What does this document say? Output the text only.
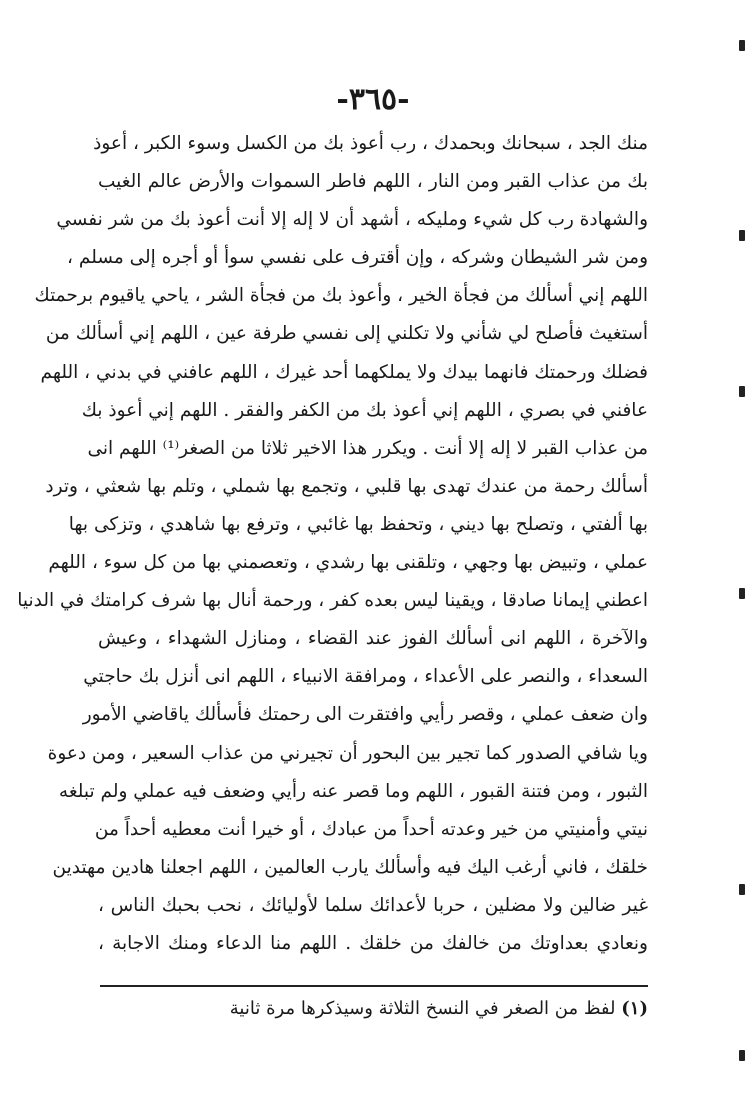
-٣٦٥-
منك الجد ، سبحانك وبحمدك ، رب أعوذ بك من الكسل وسوء الكبر ، أعوذ
بك من عذاب القبر ومن النار ، اللهم فاطر السموات والأرض عالم الغيب
والشهادة رب كل شيء ومليكه ، أشهد أن لا إله إلا أنت أعوذ بك من شر نفسي
ومن شر الشيطان وشركه ، وإن أقترف على نفسي سوأ أو أجره إلى مسلم ،
اللهم إني أسألك من فجأة الخير ، وأعوذ بك من فجأة الشر ، ياحي ياقيوم برحمتك
أستغيث فأصلح لي شأني ولا تكلني إلى نفسي طرفة عين ، اللهم إني أسألك من
فضلك ورحمتك فانهما بيدك ولا يملكهما أحد غيرك ، اللهم عافني في بدني ، اللهم
عافني في بصري ، اللهم إني أعوذ بك من الكفر والفقر . اللهم إني أعوذ بك
من عذاب القبر لا إله إلا أنت . ويكرر هذا الاخير ثلاثا من الصغر⁽¹⁾ اللهم انى
أسألك رحمة من عندك تهدى بها قلبي ، وتجمع بها شملي ، وتلم بها شعثي ، وترد
بها ألفتي ، وتصلح بها ديني ، وتحفظ بها غائبي ، وترفع بها شاهدي ، وتزكى بها
عملي ، وتبيض بها وجهي ، وتلقنى بها رشدي ، وتعصمني بها من كل سوء ، اللهم
اعطني إيمانا صادقا ، ويقينا ليس بعده كفر ، ورحمة أنال بها شرف كرامتك في الدنيا
والآخرة ، اللهم انى أسألك الفوز عند القضاء ، ومنازل الشهداء ، وعيش
السعداء ، والنصر على الأعداء ، ومرافقة الانبياء ، اللهم انى أنزل بك حاجتي
وان ضعف عملي ، وقصر رأيي وافتقرت الى رحمتك فأسألك ياقاضي الأمور
ويا شافي الصدور كما تجير بين البحور أن تجيرني من عذاب السعير ، ومن دعوة
الثبور ، ومن فتنة القبور ، اللهم وما قصر عنه رأيي وضعف فيه عملي ولم تبلغه
نيتي وأمنيتي من خير وعدته أحداً من عبادك ، أو خيرا أنت معطيه أحداً من
خلقك ، فاني أرغب اليك فيه وأسألك يارب العالمين ، اللهم اجعلنا هادين مهتدين
غير ضالين ولا مضلين ، حربا لأعدائك سلما لأوليائك ، نحب بحبك الناس ،
ونعادي بعداوتك من خالفك من خلقك . اللهم منا الدعاء ومنك الاجابة ،
(١) لفظ من الصغر في النسخ الثلاثة وسيذكرها مرة ثانية
